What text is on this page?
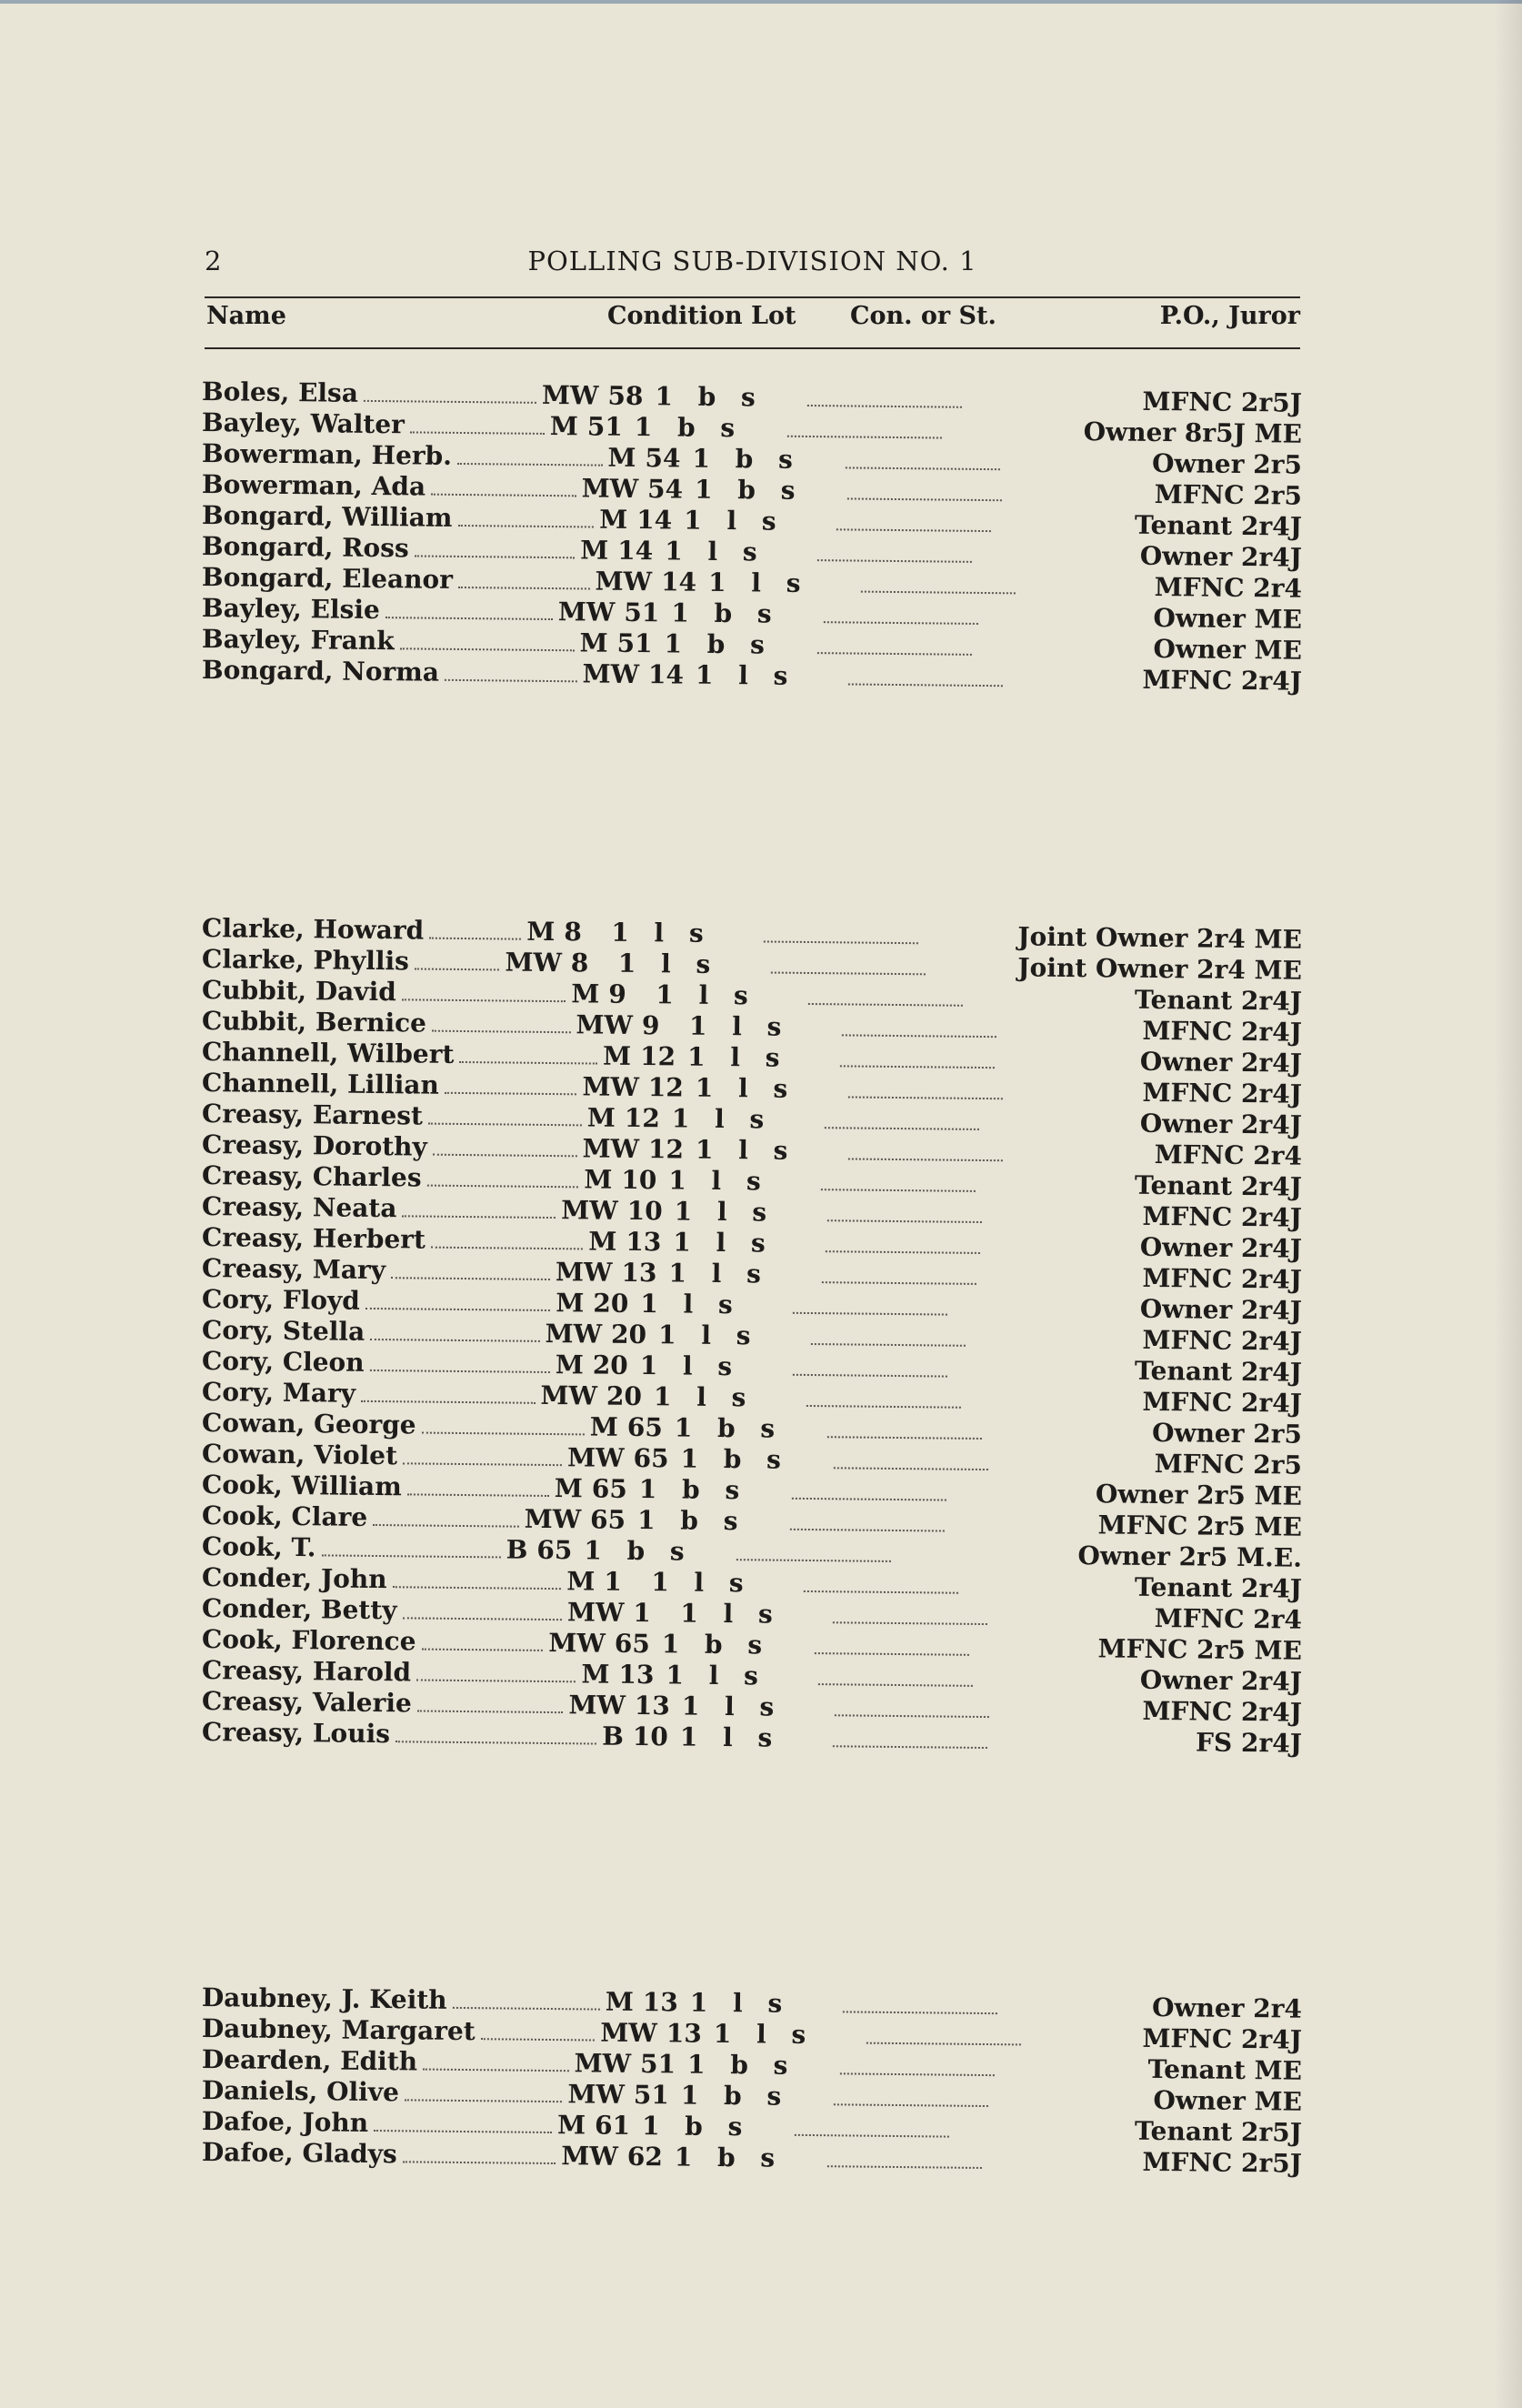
2	POLLING SUB-DIVISION NO. 1
Name	Condition Lot Con. or St.	P.O., Juror
Boles, Elsa	MW 58 1 b s	MFNC 2r5J
Bayley, Walter	M 51 1 b s	Owner 8r5J ME
Bowerman, Herb.	M 54 1 b s	Owner 2r5
Bowerman, Ada	MW 54 1 b s	MFNC 2r5
Bongard, William	M 14 1 l s	Tenant 2r4J
Bongard, Ross	M 14 1 l s	Owner 2r4J
Bongard, Eleanor	MW 14 1 l s	MFNC 2r4
Bayley, Elsie	MW 51 1 b s	Owner ME
Bayley, Frank	M 51 1 b s	Owner ME
Bongard, Norma	MW 14 1 l s	MFNC 2r4J
Clarke, Howard	M 8	1 l s	Joint Owner 2r4 ME
Clarke, Phyllis	MW 8	1 l s	Joint Owner 2r4 ME
Cubbit, David	M 9	1 l s	Tenant 2r4J
Cubbit, Bernice	MW 9	1 l s	MFNC 2r4J
Channell, Wilbert	M 12 1 l s	Owner 2r4J
Channell, Lillian	MW 12 1 l s	MFNC 2r4J
Creasy, Earnest	M 12 1 l s	Owner 2r4J
Creasy, Dorothy	MW 12 1 l s	MFNC 2r4
Creasy, Charles	M 10 1 l s	Tenant 2r4J
Creasy, Neata	MW 10 1 l s	MFNC 2r4J
Creasy, Herbert	M 13 1 l s	Owner 2r4J
Creasy, Mary	MW 13 1 l s	MFNC 2r4J
Cory, Floyd	M 20 1 l s	Owner 2r4J
Cory, Stella	MW 20 1 l s	MFNC 2r4J
Cory, Cleon	M 20 1 l s	Tenant 2r4J
Cory, Mary	MW 20 1 l s	MFNC 2r4J
Cowan, George	M 65 1 b s	Owner 2r5
Cowan, Violet	MW 65 1 b s	MFNC 2r5
Cook, William	M 65 1 b s	Owner 2r5 ME
Cook, Clare	MW 65 1 b s	MFNC 2r5 ME
Cook, T.	B 65 1 b s	Owner 2r5 M.E.
Conder, John	M 1	1 l s	Tenant 2r4J
Conder, Betty	MW 1	1 l s	MFNC 2r4
Cook, Florence	MW 65 1 b s	MFNC 2r5 ME
Creasy, Harold	M 13 1 l s	Owner 2r4J
Creasy, Valerie	MW 13 1 l s	MFNC 2r4J
Creasy, Louis	B 10 1 l s	FS 2r4J
Daubney, J. Keith	M 13 1 l s	Owner 2r4
Daubney, Margaret	MW 13 1 l s	MFNC 2r4J
Dearden, Edith	MW 51 1 b s	Tenant ME
Daniels, Olive	MW 51 1 b s	Owner ME
Dafoe, John	M 61 1 b s	Tenant 2r5J
Dafoe, Gladys	MW 62 1 b s	MFNC 2r5J
